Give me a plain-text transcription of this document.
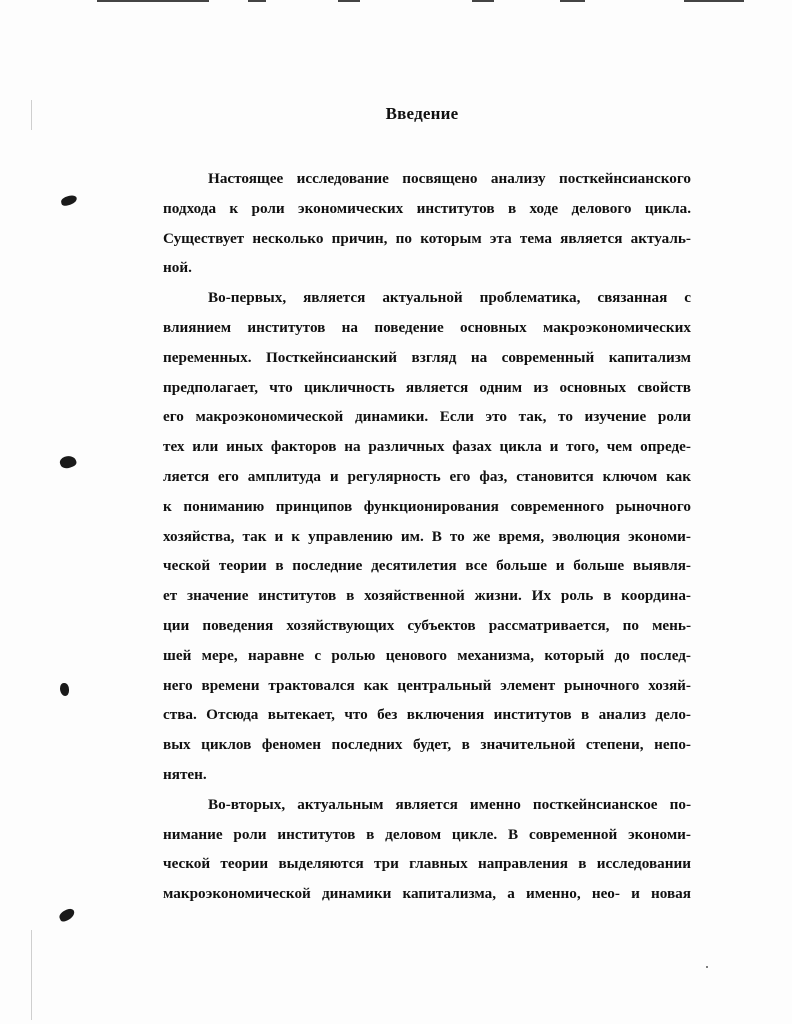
Введение
Настоящее исследование посвящено анализу посткейнсианского
подхода к роли экономических институтов в ходе делового цикла.
Существует несколько причин, по которым эта тема является актуаль-
ной.
Во-первых, является актуальной проблематика, связанная с
влиянием институтов на поведение основных макроэкономических
переменных. Посткейнсианский взгляд на современный капитализм
предполагает, что цикличность является одним из основных свойств
его макроэкономической динамики. Если это так, то изучение роли
тех или иных факторов на различных фазах цикла и того, чем опреде-
ляется его амплитуда и регулярность его фаз, становится ключом как
к пониманию принципов функционирования современного рыночного
хозяйства, так и к управлению им. В то же время, эволюция экономи-
ческой теории в последние десятилетия все больше и больше выявля-
ет значение институтов в хозяйственной жизни. Их роль в координа-
ции поведения хозяйствующих субъектов рассматривается, по мень-
шей мере, наравне с ролью ценового механизма, который до послед-
него времени трактовался как центральный элемент рыночного хозяй-
ства. Отсюда вытекает, что без включения институтов в анализ дело-
вых циклов феномен последних будет, в значительной степени, непо-
нятен.
Во-вторых, актуальным является именно посткейнсианское по-
нимание роли институтов в деловом цикле. В современной экономи-
ческой теории выделяются три главных направления в исследовании
макроэкономической динамики капитализма, а именно, нео- и новая
